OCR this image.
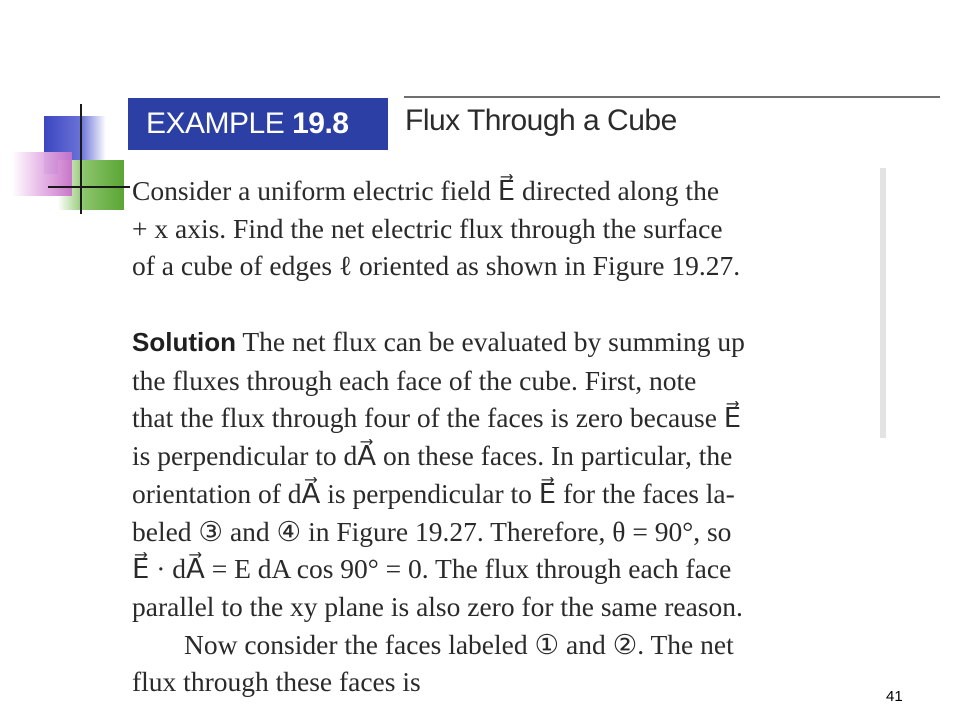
EXAMPLE 19.8	Flux Through a Cube

Consider a uniform electric field E⃗ directed along the
+ x axis. Find the net electric flux through the surface
of a cube of edges ℓ oriented as shown in Figure 19.27.

Solution The net flux can be evaluated by summing up
the fluxes through each face of the cube. First, note
that the flux through four of the faces is zero because E⃗
is perpendicular to dA⃗ on these faces. In particular, the
orientation of dA⃗ is perpendicular to E⃗ for the faces la-
beled ③ and ④ in Figure 19.27. Therefore, θ = 90°, so
E⃗ · dA⃗ = E dA cos 90° = 0. The flux through each face
parallel to the xy plane is also zero for the same reason.
Now consider the faces labeled ① and ②. The net
flux through these faces is	41
